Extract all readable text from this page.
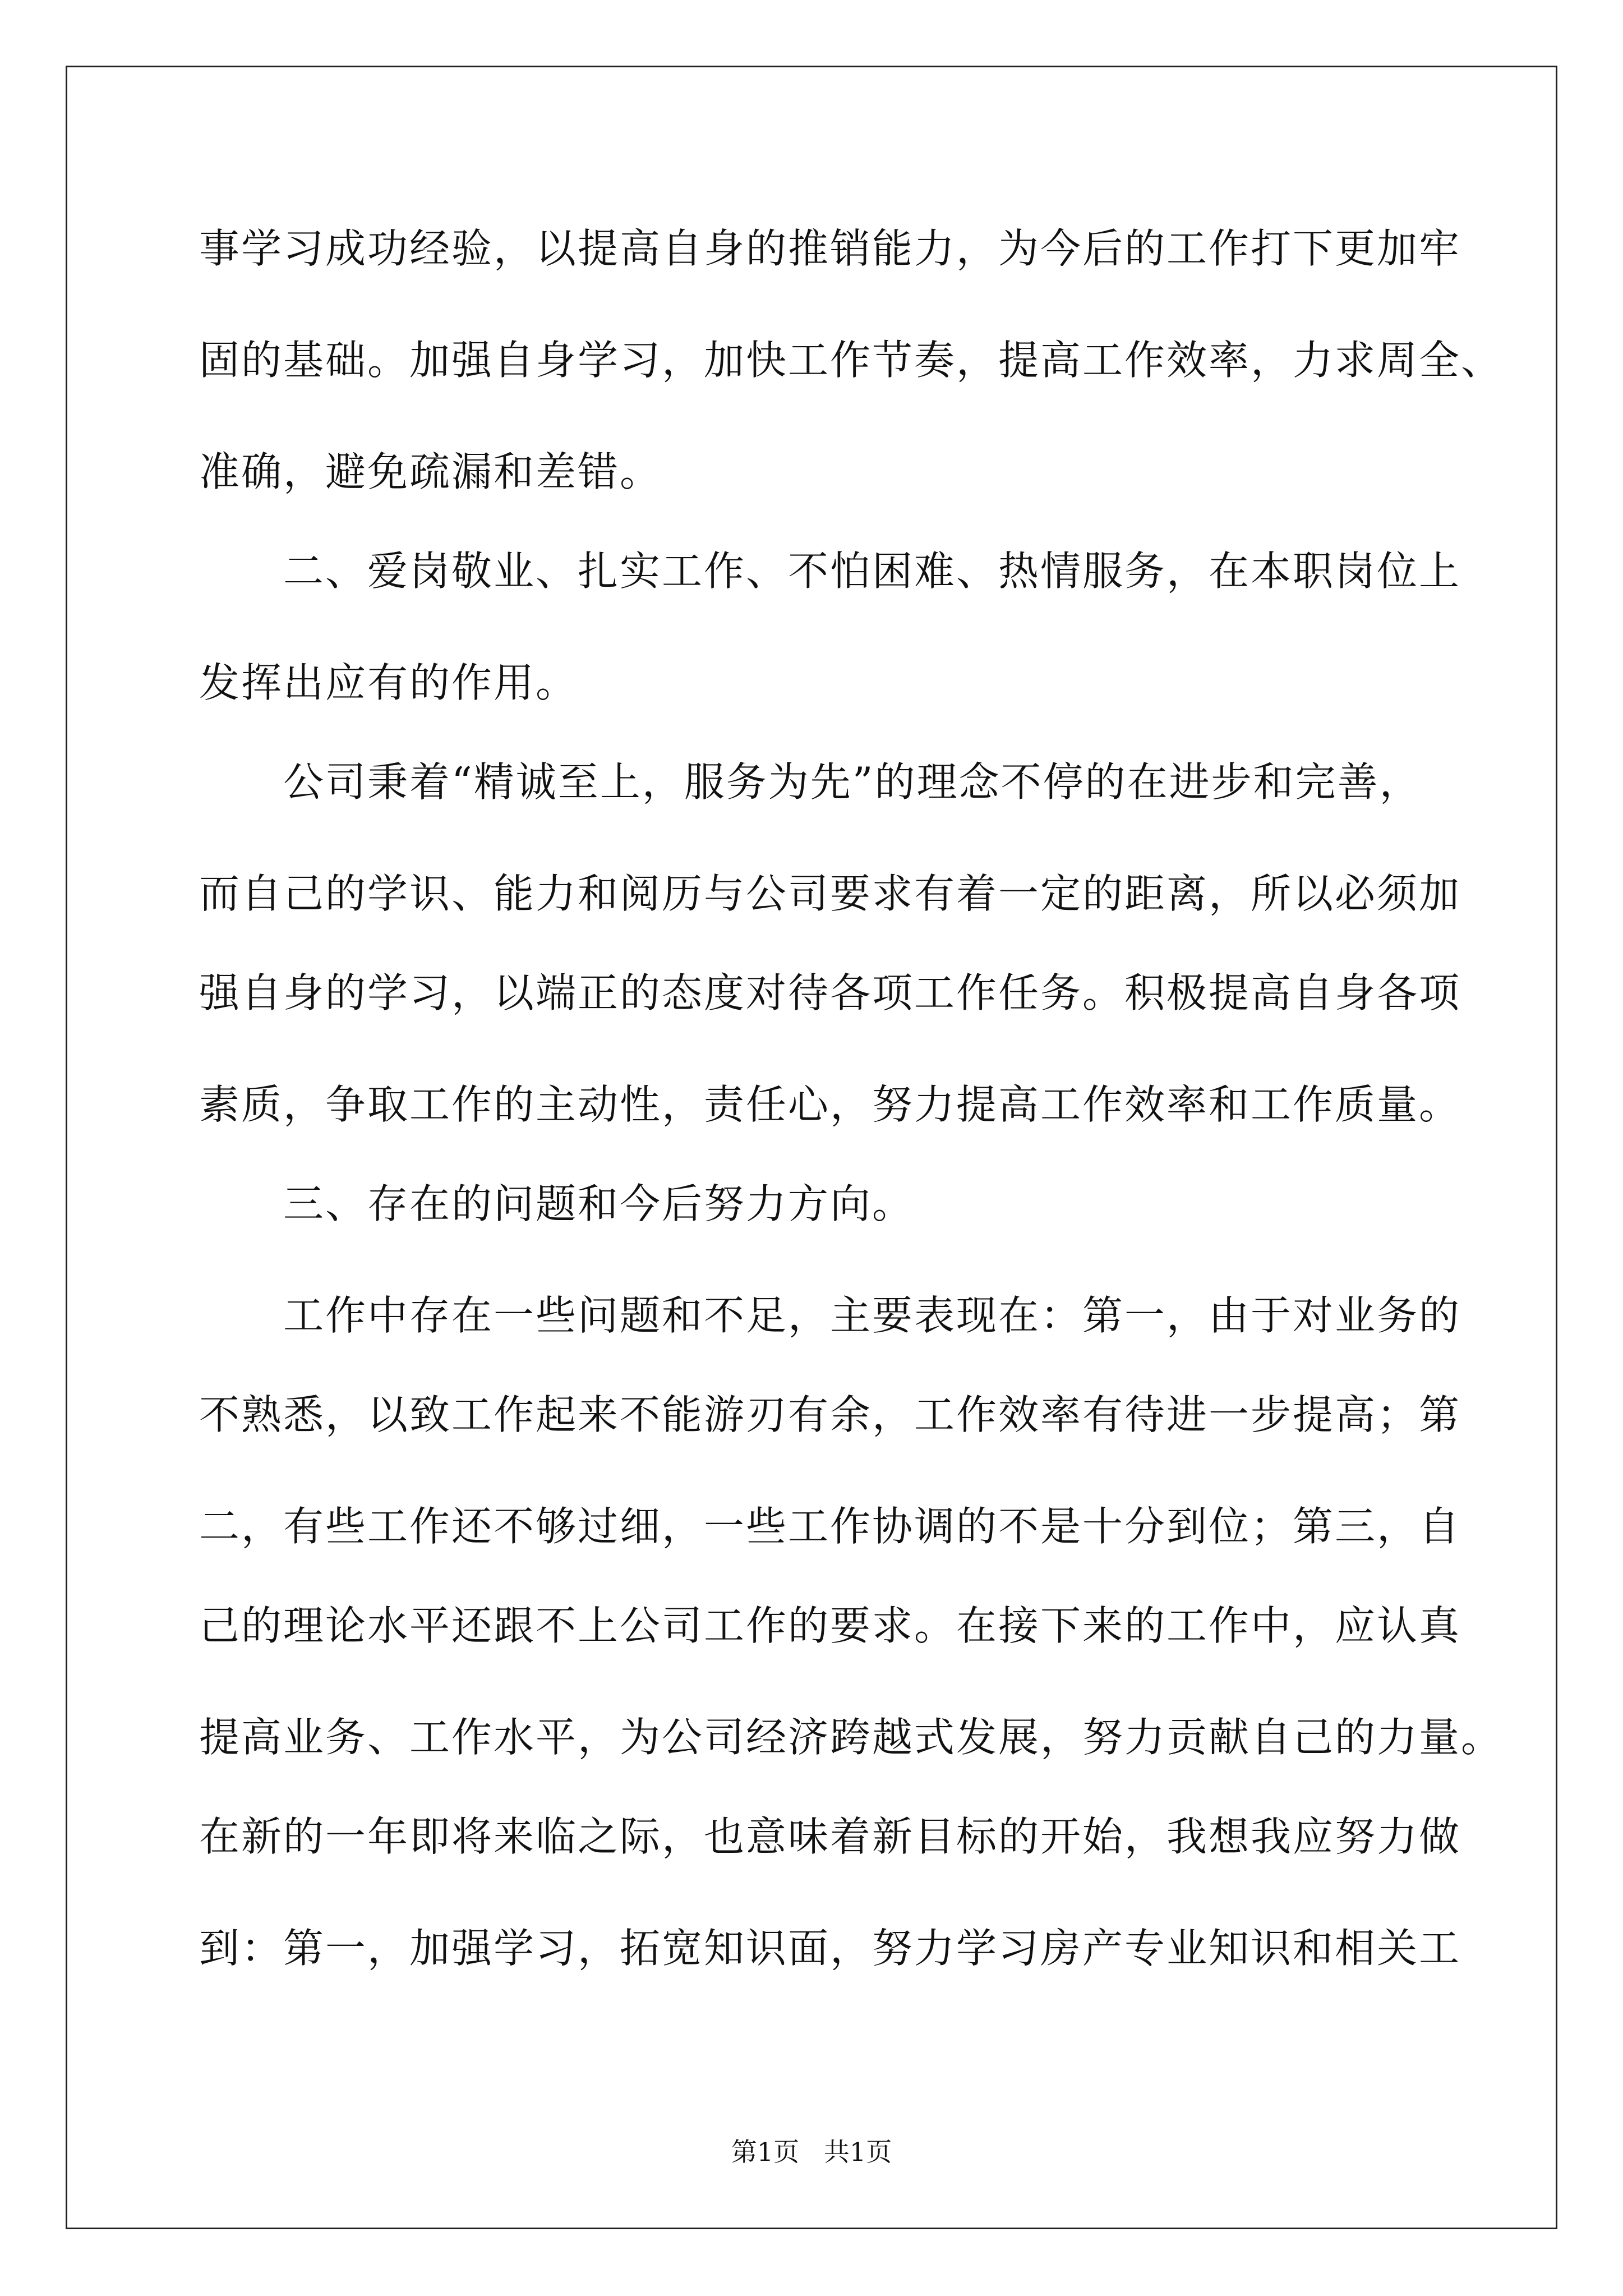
事学习成功经验，以提高自身的推销能力，为今后的工作打下更加牢
固的基础。加强自身学习，加快工作节奏，提高工作效率，力求周全、
准确，避免疏漏和差错。
二、爱岗敬业、扎实工作、不怕困难、热情服务，在本职岗位上
发挥出应有的作用。
公司秉着“精诚至上，服务为先”的理念不停的在进步和完善，
而自己的学识、能力和阅历与公司要求有着一定的距离，所以必须加
强自身的学习，以端正的态度对待各项工作任务。积极提高自身各项
素质，争取工作的主动性，责任心，努力提高工作效率和工作质量。
三、存在的问题和今后努力方向。
工作中存在一些问题和不足，主要表现在：第一，由于对业务的
不熟悉，以致工作起来不能游刃有余，工作效率有待进一步提高；第
二，有些工作还不够过细，一些工作协调的不是十分到位；第三，自
己的理论水平还跟不上公司工作的要求。在接下来的工作中，应认真
提高业务、工作水平，为公司经济跨越式发展，努力贡献自己的力量。
在新的一年即将来临之际，也意味着新目标的开始，我想我应努力做
到：第一，加强学习，拓宽知识面，努力学习房产专业知识和相关工
第1页   共1页
